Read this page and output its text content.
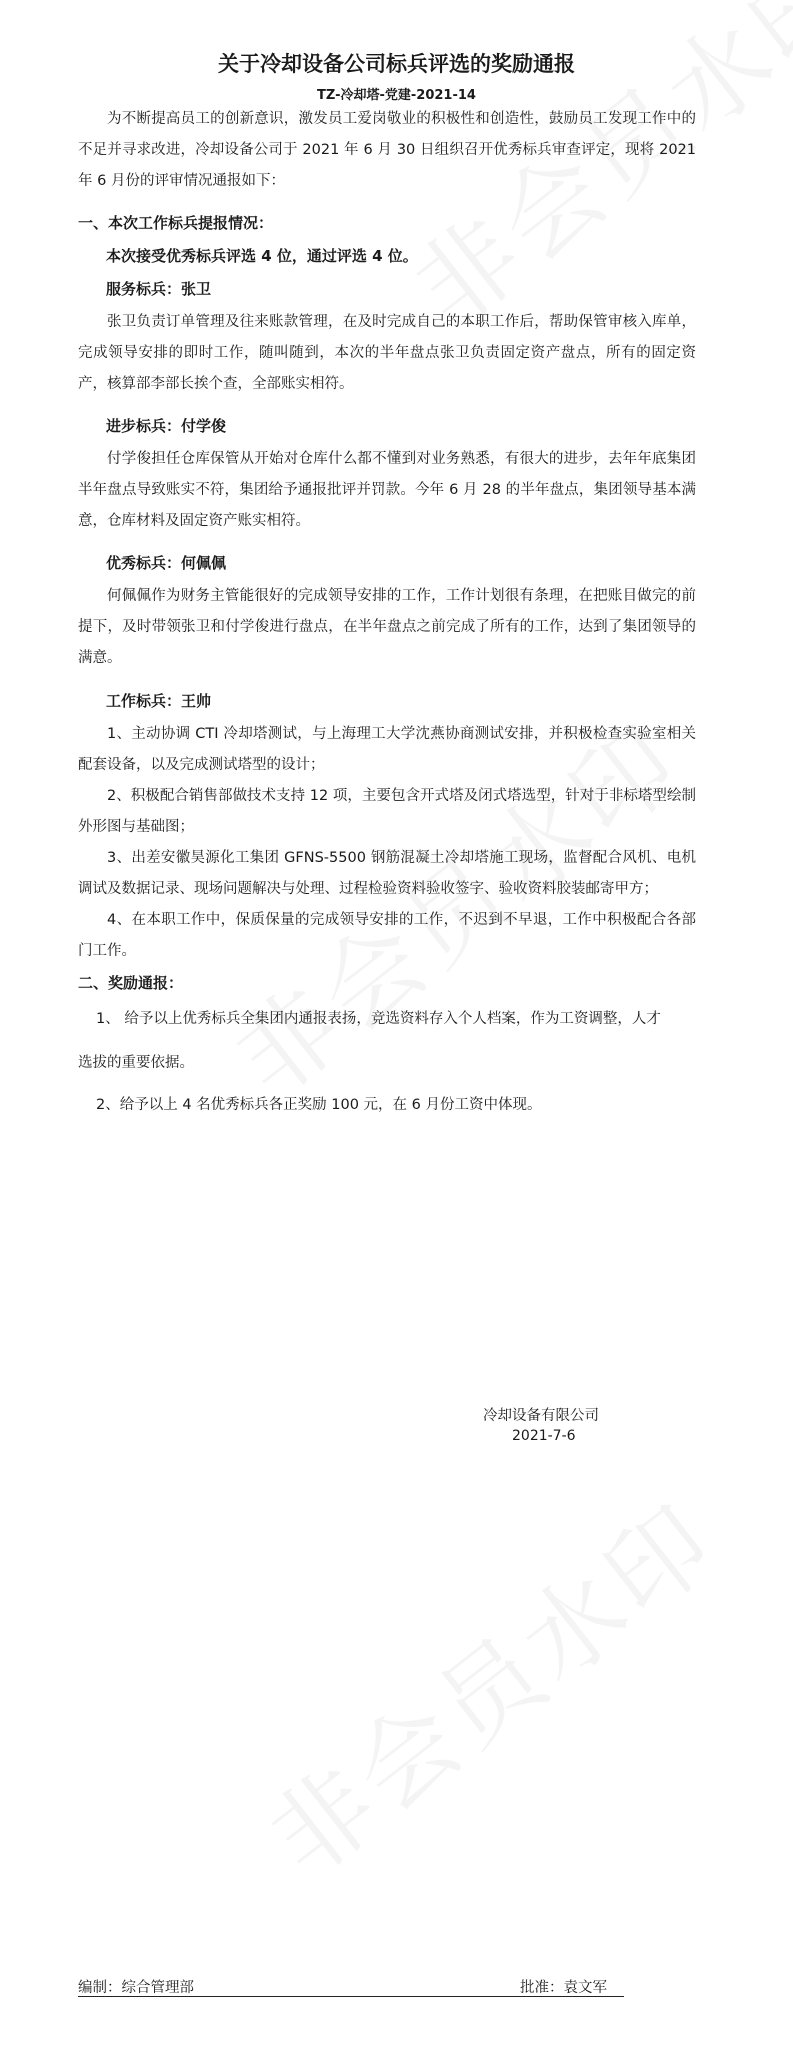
关于冷却设备公司标兵评选的奖励通报
TZ-冷却塔-党建-2021-14
为不断提高员工的创新意识，激发员工爱岗敬业的积极性和创造性，鼓励员工发现工作中的不足并寻求改进，冷却设备公司于 2021 年 6 月 30 日组织召开优秀标兵审查评定，现将 2021 年 6 月份的评审情况通报如下：
一、本次工作标兵提报情况：
本次接受优秀标兵评选 4 位，通过评选 4 位。
服务标兵：张卫
张卫负责订单管理及往来账款管理，在及时完成自己的本职工作后，帮助保管审核入库单，完成领导安排的即时工作，随叫随到，本次的半年盘点张卫负责固定资产盘点，所有的固定资产，核算部李部长挨个查，全部账实相符。
进步标兵：付学俊
付学俊担任仓库保管从开始对仓库什么都不懂到对业务熟悉，有很大的进步，去年年底集团半年盘点导致账实不符，集团给予通报批评并罚款。今年 6 月 28 的半年盘点，集团领导基本满意，仓库材料及固定资产账实相符。
优秀标兵：何佩佩
何佩佩作为财务主管能很好的完成领导安排的工作，工作计划很有条理，在把账目做完的前提下，及时带领张卫和付学俊进行盘点，在半年盘点之前完成了所有的工作，达到了集团领导的满意。
工作标兵：王帅
1、主动协调 CTI 冷却塔测试，与上海理工大学沈燕协商测试安排，并积极检查实验室相关配套设备，以及完成测试塔型的设计；
2、积极配合销售部做技术支持 12 项，主要包含开式塔及闭式塔选型，针对于非标塔型绘制外形图与基础图；
3、出差安徽昊源化工集团 GFNS-5500 钢筋混凝土冷却塔施工现场，监督配合风机、电机调试及数据记录、现场问题解决与处理、过程检验资料验收签字、验收资料胶装邮寄甲方；
4、在本职工作中，保质保量的完成领导安排的工作，不迟到不早退，工作中积极配合各部门工作。
二、奖励通报：
1、 给予以上优秀标兵全集团内通报表扬，竞选资料存入个人档案，作为工资调整，人才
选拔的重要依据。
2、给予以上 4 名优秀标兵各正奖励 100 元，在 6 月份工资中体现。
冷却设备有限公司
2021-7-6
编制：综合管理部	批准：袁文军
